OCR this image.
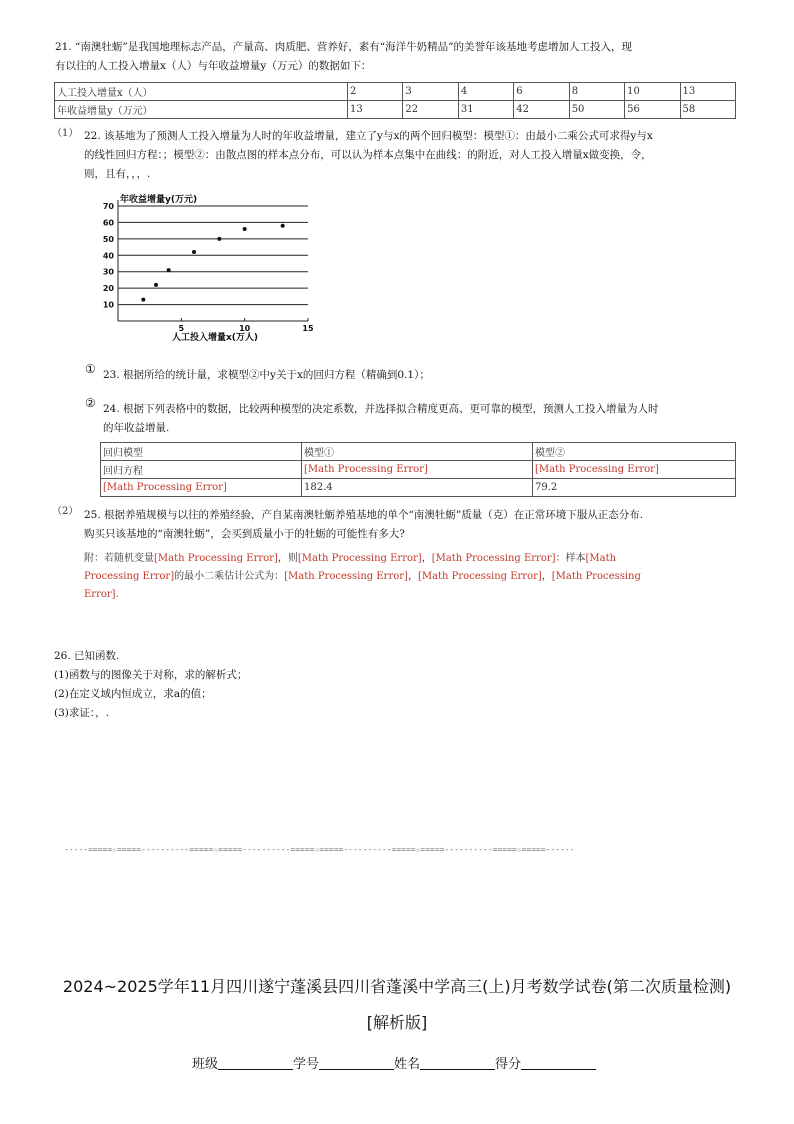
21. “南澳牡蛎”是我国地理标志产品，产量高、肉质肥、营养好，素有“海洋牛奶精品”的美誉年该基地考虑增加人工投入，现
有以往的人工投入增量x（人）与年收益增量y（万元）的数据如下：
人工投入增量x（人）	2	3	4	6	8	10	13
年收益增量y（万元）	13	22	31	42	50	56	58
（1） 22. 该基地为了预测人工投入增量为人时的年收益增量，建立了y与x的两个回归模型：模型①：由最小二乘公式可求得y与x
的线性回归方程：；模型②：由散点图的样本点分布，可以认为样本点集中在曲线：的附近，对人工投入增量x做变换，令，
则，且有，，，.
10
20
30
40
50
60
70
5	10	15
年收益增量y(万元)
人工投入增量x(万人)
① 23. 根据所给的统计量，求模型②中y关于x的回归方程（精确到0.1）；
② 24. 根据下列表格中的数据，比较两种模型的决定系数，并选择拟合精度更高、更可靠的模型，预测人工投入增量为人时
的年收益增量.
回归模型	模型①	模型②
回归方程	[Math Processing Error]	[Math Processing Error]
[Math Processing Error]	182.4	79.2
（2） 25. 根据养殖规模与以往的养殖经验，产自某南澳牡蛎养殖基地的单个“南澳牡蛎”质量（克）在正常环境下服从正态分布.
购买只该基地的“南澳牡蛎”，会买到质量小于的牡蛎的可能性有多大?
附：若随机变量[Math Processing Error]，则[Math Processing Error]，[Math Processing Error]：样本[Math
Processing Error]的最小二乘估计公式为：[Math Processing Error]，[Math Processing Error]，[Math Processing
Error].
26. 已知函数.
(1)函数与的图像关于对称，求的解析式；
(2)在定义域内恒成立，求a的值；
(3)求证：，.
-----=====☆=====----------=====☆=====----------=====☆=====----------=====☆=====----------=====☆=====------
2024~2025学年11月四川遂宁蓬溪县四川省蓬溪中学高三(上)月考数学试卷(第二次质量检测)
[解析版]
班级	学号	姓名	得分
